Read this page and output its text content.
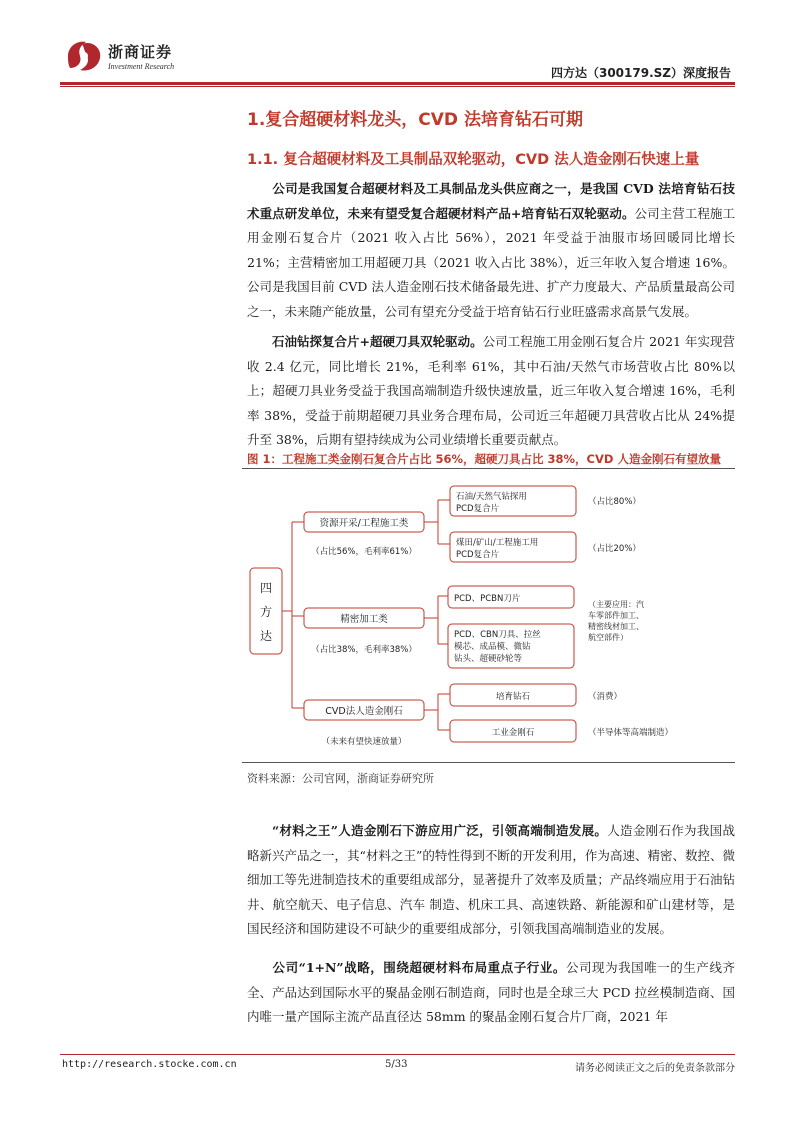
浙商证券
Investment Research	四方达（300179.SZ）深度报告
1.复合超硬材料龙头，CVD 法培育钻石可期
1.1. 复合超硬材料及工具制品双轮驱动，CVD 法人造金刚石快速上量
公司是我国复合超硬材料及工具制品龙头供应商之一，是我国 CVD 法培育钻石技术重点研发单位，未来有望受复合超硬材料产品+培育钻石双轮驱动。公司主营工程施工用金刚石复合片（2021 收入占比 56%），2021 年受益于油服市场回暖同比增长 21%；主营精密加工用超硬刀具（2021 收入占比 38%），近三年收入复合增速 16%。公司是我国目前 CVD 法人造金刚石技术储备最先进、扩产力度最大、产品质量最高公司之一，未来随产能放量，公司有望充分受益于培育钻石行业旺盛需求高景气发展。
石油钻探复合片+超硬刀具双轮驱动。公司工程施工用金刚石复合片 2021 年实现营收 2.4 亿元，同比增长 21%，毛利率 61%，其中石油/天然气市场营收占比 80%以上；超硬刀具业务受益于我国高端制造升级快速放量，近三年收入复合增速 16%，毛利率 38%，受益于前期超硬刀具业务合理布局，公司近三年超硬刀具营收占比从 24%提升至 38%，后期有望持续成为公司业绩增长重要贡献点。
图 1：工程施工类金刚石复合片占比 56%，超硬刀具占比 38%，CVD 人造金刚石有望放量
四
方
达
资源开采/工程施工类
（占比56%，毛利率61%）
精密加工类
（占比38%，毛利率38%）
CVD法人造金刚石
（未来有望快速放量）
石油/天然气钻探用
PCD复合片
（占比80%）
煤田/矿山/工程施工用
PCD复合片
（占比20%）
PCD、PCBN刀片
PCD、CBN刀具、拉丝
模芯、成品模、微钻
钻头、超硬砂轮等
（主要应用：汽
车零部件加工、
精密线材加工、
航空部件）
培育钻石	（消费）
工业金刚石	（半导体等高端制造）
资料来源：公司官网，浙商证券研究所
“材料之王”人造金刚石下游应用广泛，引领高端制造发展。人造金刚石作为我国战略新兴产品之一，其“材料之王”的特性得到不断的开发利用，作为高速、精密、数控、微细加工等先进制造技术的重要组成部分，显著提升了效率及质量；产品终端应用于石油钻井、航空航天、电子信息、汽车 制造、机床工具、高速铁路、新能源和矿山建材等，是国民经济和国防建设不可缺少的重要组成部分，引领我国高端制造业的发展。
公司“1+N”战略，围绕超硬材料布局重点子行业。公司现为我国唯一的生产线齐全、产品达到国际水平的聚晶金刚石制造商，同时也是全球三大 PCD 拉丝模制造商、国内唯一量产国际主流产品直径达 58mm 的聚晶金刚石复合片厂商，2021 年
http://research.stocke.com.cn	5/33	请务必阅读正文之后的免责条款部分
